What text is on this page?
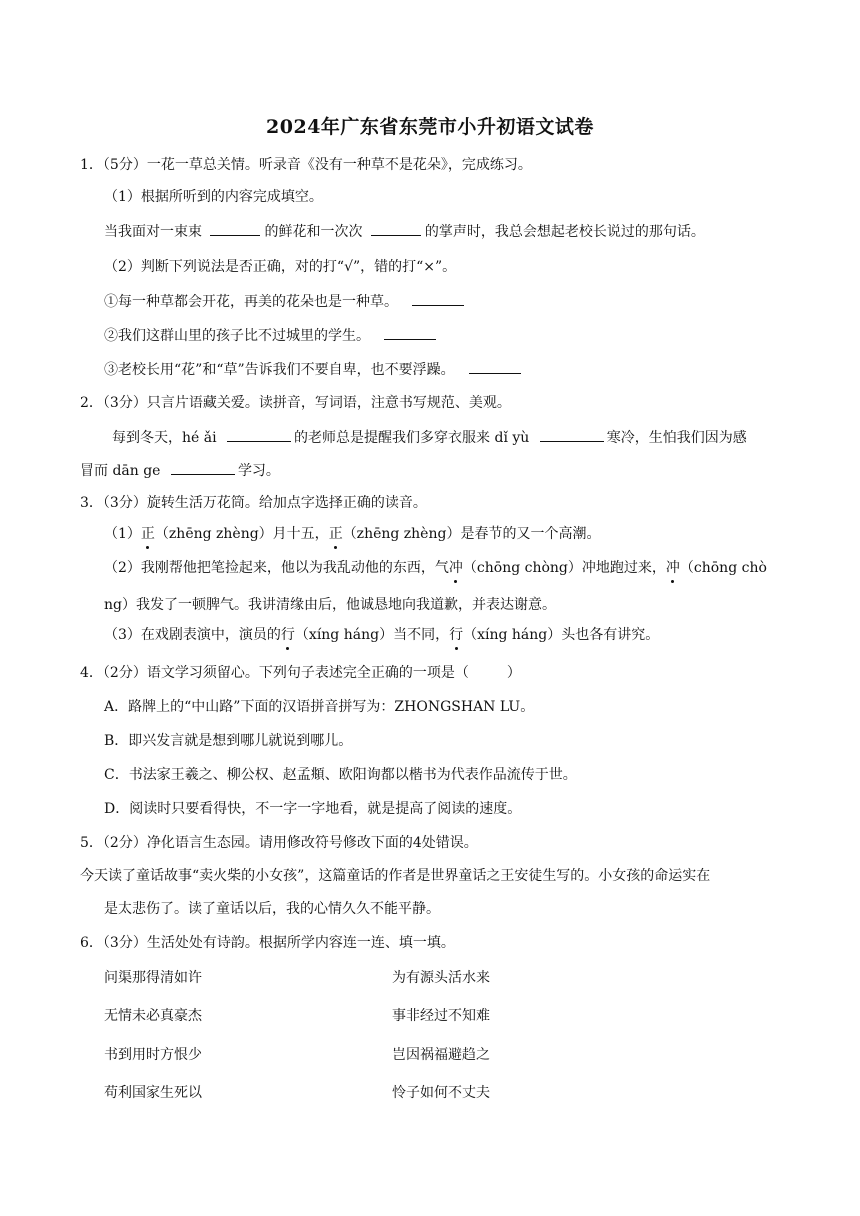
2024年广东省东莞市小升初语文试卷
1．（5分）一花一草总关情。听录音《没有一种草不是花朵》，完成练习。
（1）根据所听到的内容完成填空。
当我面对一束束	的鲜花和一次次	的掌声时，我总会想起老校长说过的那句话。
（2）判断下列说法是否正确，对的打“√”，错的打“×”。
①每一种草都会开花，再美的花朵也是一种草。
②我们这群山里的孩子比不过城里的学生。
③老校长用“花”和“草”告诉我们不要自卑，也不要浮躁。
2．（3分）只言片语藏关爱。读拼音，写词语，注意书写规范、美观。
每到冬天，hé ǎi	的老师总是提醒我们多穿衣服来 dǐ yù	寒冷，生怕我们因为感
冒而 dān ge	学习。
3．（3分）旋转生活万花筒。给加点字选择正确的读音。
（1）正（zhēng zhèng）月十五，正（zhēng zhèng）是春节的又一个高潮。
（2）我刚帮他把笔捡起来，他以为我乱动他的东西，气冲（chōng chòng）冲地跑过来，冲（chōng chò
ng）我发了一顿脾气。我讲清缘由后，他诚恳地向我道歉，并表达谢意。
（3）在戏剧表演中，演员的行（xíng háng）当不同，行（xíng háng）头也各有讲究。
4．（2分）语文学习须留心。下列句子表述完全正确的一项是（	）
A．路牌上的“中山路”下面的汉语拼音拼写为：ZHONGSHAN LU。
B．即兴发言就是想到哪儿就说到哪儿。
C．书法家王羲之、柳公权、赵孟頫、欧阳询都以楷书为代表作品流传于世。
D．阅读时只要看得快，不一字一字地看，就是提高了阅读的速度。
5．（2分）净化语言生态园。请用修改符号修改下面的4处错误。
今天读了童话故事“卖火柴的小女孩”，这篇童话的作者是世界童话之王安徒生写的。小女孩的命运实在
是太悲伤了。读了童话以后，我的心情久久不能平静。
6．（3分）生活处处有诗韵。根据所学内容连一连、填一填。
问渠那得清如许	为有源头活水来
无情未必真豪杰	事非经过不知难
书到用时方恨少	岂因祸福避趋之
苟利国家生死以	怜子如何不丈夫
